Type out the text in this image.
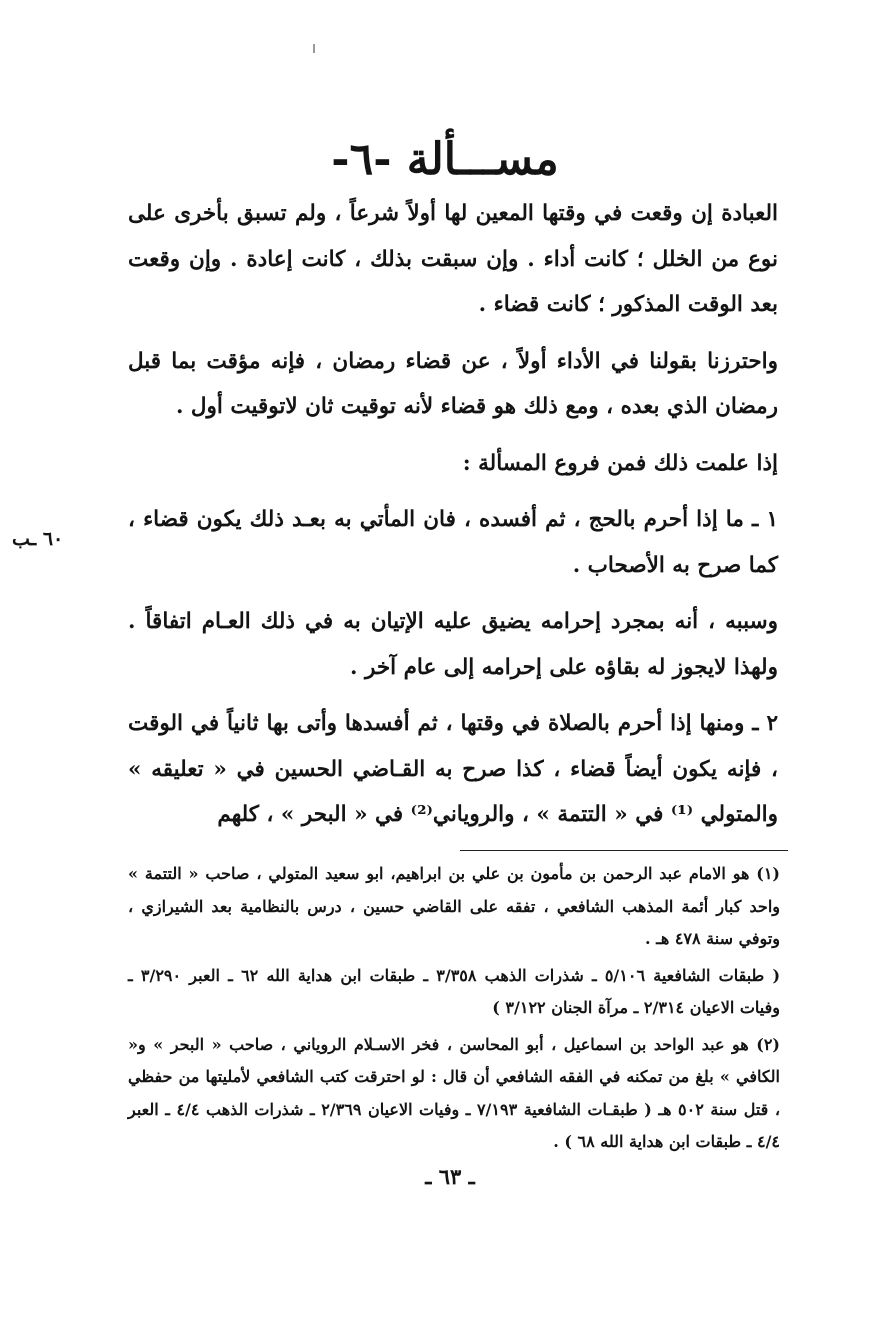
مســـألة -٦-

العبادة إن وقعت في وقتها المعين لها أولاً شرعاً ، ولم تسبق بأخرى على نوع من الخلل ؛ كانت أداء . وإن سبقت بذلك ، كانت إعادة . وإن وقعت بعد الوقت المذكور ؛ كانت قضاء .

واحترزنا بقولنا في الأداء أولاً ، عن قضاء رمضان ، فإنه مؤقت بما قبل رمضان الذي بعده ، ومع ذلك هو قضاء لأنه توقيت ثان لاتوقيت أول .

إذا علمت ذلك فمن فروع المسألة :

١ ـ ما إذا أحرم بالحج ، ثم أفسده ، فان المأتي به بعـد ذلك يكون قضاء ، كما صرح به الأصحاب .

وسببه ، أنه بمجرد إحرامه يضيق عليه الإتيان به في ذلك العـام اتفاقاً . ولهذا لايجوز له بقاؤه على إحرامه إلى عام آخر .

٢ ـ ومنها إذا أحرم بالصلاة في وقتها ، ثم أفسدها وأتى بها ثانياً في الوقت ، فإنه يكون أيضاً قضاء ، كذا صرح به القـاضي الحسين في « تعليقه » والمتولي ⁽¹⁾ في « التتمة » ، والروياني⁽²⁾ في « البحر » ، كلهم

٦٠ ـب

(١) هو الامام عبد الرحمن بن مأمون بن علي بن ابراهيم، ابو سعيد المتولي ، صاحب « التتمة » واحد كبار أئمة المذهب الشافعي ، تفقه على القاضي حسين ، درس بالنظامية بعد الشيرازي ، وتوفي سنة ٤٧٨ هـ .

( طبقات الشافعية ٥/١٠٦ ـ شذرات الذهب ٣/٣٥٨ ـ طبقات ابن هداية الله ٦٢ ـ العبر ٣/٢٩٠ ـ وفيات الاعيان ٢/٣١٤ ـ مرآة الجنان ٣/١٢٢ )

(٢) هو عبد الواحد بن اسماعيل ، أبو المحاسن ، فخر الاسـلام الروياني ، صاحب « البحر » و« الكافي » بلغ من تمكنه في الفقه الشافعي أن قال : لو احترقت كتب الشافعي لأمليتها من حفظي ، قتل سنة ٥٠٢ هـ ( طبقـات الشافعية ٧/١٩٣ ـ وفيات الاعيان ٢/٣٦٩ ـ شذرات الذهب ٤/٤ ـ العبر ٤/٤ ـ طبقات ابن هداية الله ٦٨ ) .

ـ ٦٣ ـ
